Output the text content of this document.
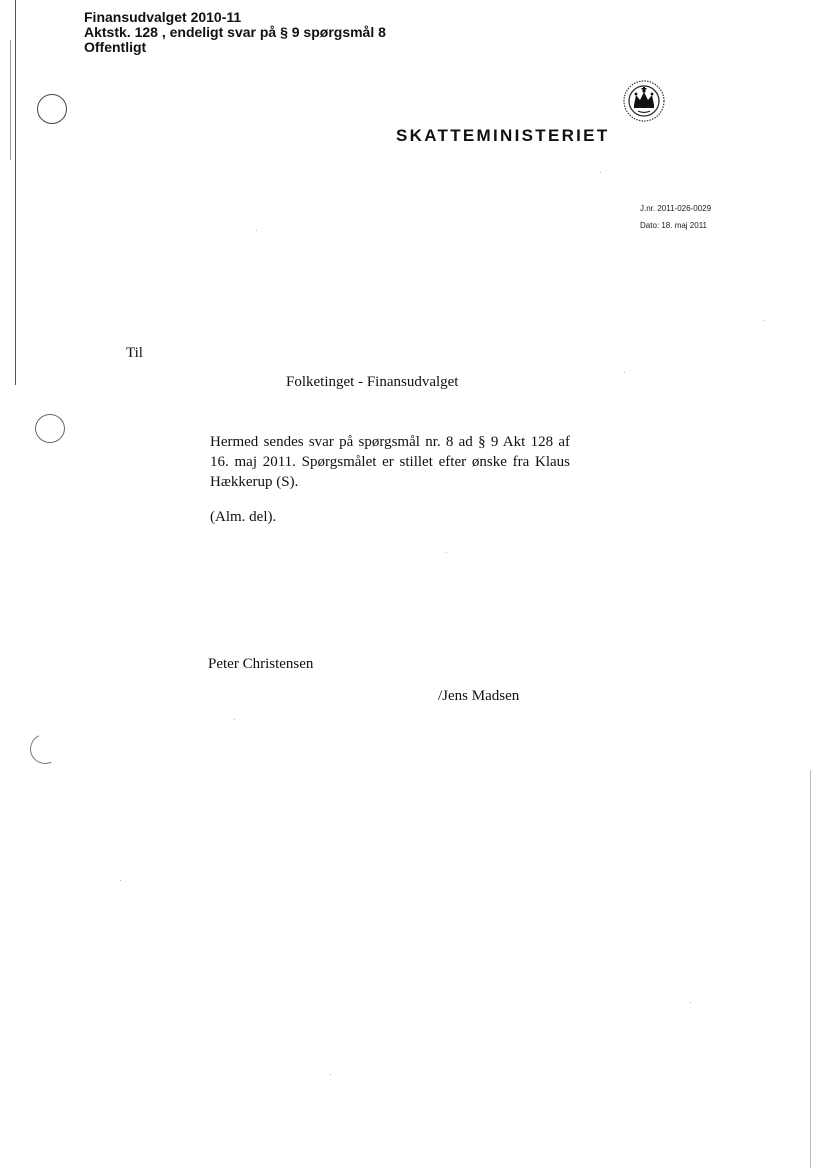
Finansudvalget 2010-11
Aktstk. 128 , endeligt svar på § 9 spørgsmål 8
Offentligt
SKATTEMINISTERIET
J.nr. 2011-026-0029
Dato: 18. maj 2011
Til
Folketinget - Finansudvalget
Hermed sendes svar på spørgsmål nr. 8 ad § 9 Akt 128 af 16. maj 2011. Spørgsmålet er stillet efter ønske fra Klaus Hækkerup (S).
(Alm. del).
Peter Christensen
/Jens Madsen
